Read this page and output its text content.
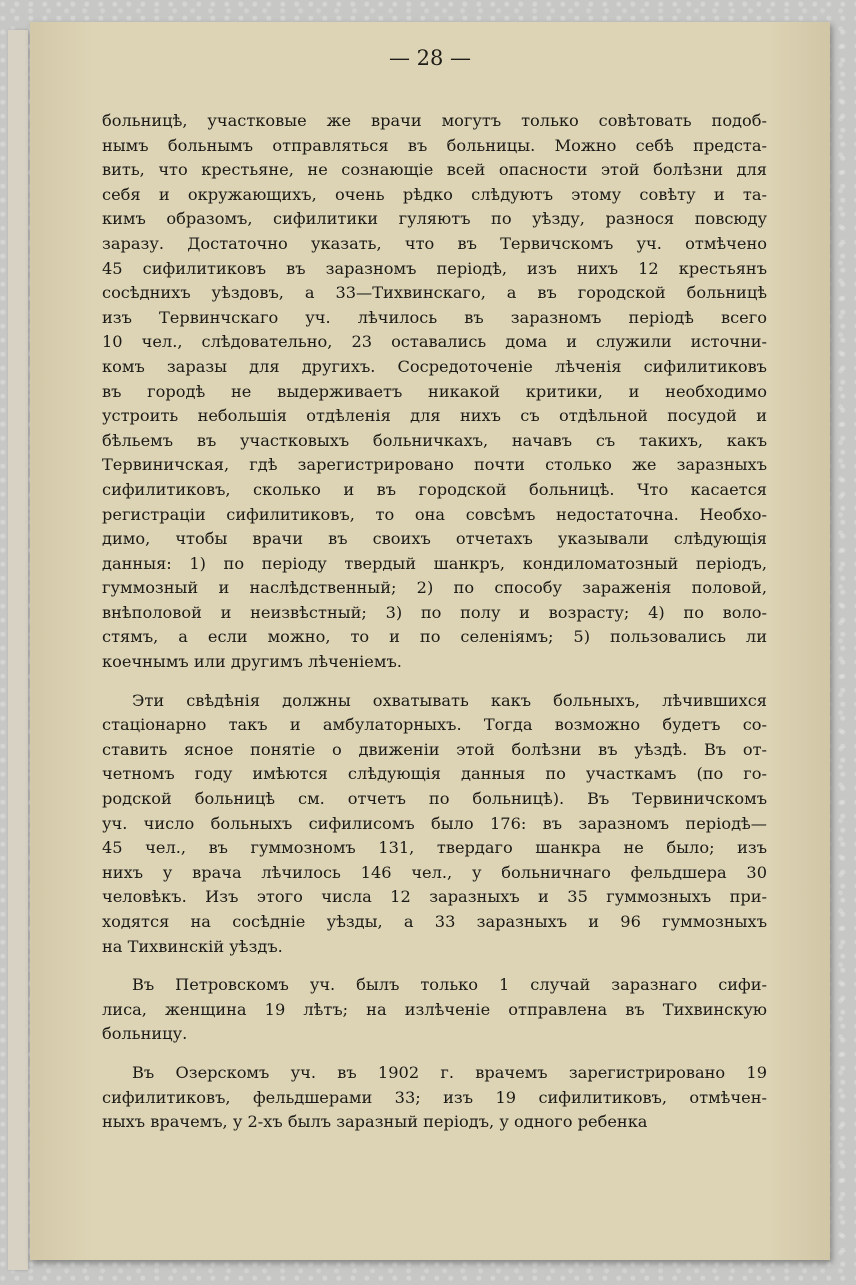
— 28 —
больницѣ, участковые же врачи могутъ только совѣтовать подоб-
нымъ больнымъ отправляться въ больницы. Можно себѣ предста-
вить, что крестьяне, не сознающіе всей опасности этой болѣзни для
себя и окружающихъ, очень рѣдко слѣдуютъ этому совѣту и та-
кимъ образомъ, сифилитики гуляютъ по уѣзду, разнося повсюду
заразу. Достаточно указать, что въ Тервичскомъ уч. отмѣчено
45 сифилитиковъ въ заразномъ періодѣ, изъ нихъ 12 крестьянъ
сосѣднихъ уѣздовъ, а 33—Тихвинскаго, а въ городской больницѣ
изъ Тервинчскаго уч. лѣчилось въ заразномъ періодѣ всего
10 чел., слѣдовательно, 23 оставались дома и служили источни-
комъ заразы для другихъ. Сосредоточеніе лѣченія сифилитиковъ
въ городѣ не выдерживаетъ никакой критики, и необходимо
устроить небольшія отдѣленія для нихъ съ отдѣльной посудой и
бѣльемъ въ участковыхъ больничкахъ, начавъ съ такихъ, какъ
Тервиничская, гдѣ зарегистрировано почти столько же заразныхъ
сифилитиковъ, сколько и въ городской больницѣ. Что касается
регистраціи сифилитиковъ, то она совсѣмъ недостаточна. Необхо-
димо, чтобы врачи въ своихъ отчетахъ указывали слѣдующія
данныя: 1) по періоду твердый шанкръ, кондиломатозный періодъ,
гуммозный и наслѣдственный; 2) по способу зараженія половой,
внѣполовой и неизвѣстный; 3) по полу и возрасту; 4) по воло-
стямъ, а если можно, то и по селеніямъ; 5) пользовались ли
коечнымъ или другимъ лѣченіемъ.
Эти свѣдѣнія должны охватывать какъ больныхъ, лѣчившихся
стаціонарно такъ и амбулаторныхъ. Тогда возможно будетъ со-
ставить ясное понятіе о движеніи этой болѣзни въ уѣздѣ. Въ от-
четномъ году имѣются слѣдующія данныя по участкамъ (по го-
родской больницѣ см. отчетъ по больницѣ). Въ Тервиничскомъ
уч. число больныхъ сифилисомъ было 176: въ заразномъ періодѣ—
45 чел., въ гуммозномъ 131, твердаго шанкра не было; изъ
нихъ у врача лѣчилось 146 чел., у больничнаго фельдшера 30
человѣкъ. Изъ этого числа 12 заразныхъ и 35 гуммозныхъ при-
ходятся на сосѣдніе уѣзды, а 33 заразныхъ и 96 гуммозныхъ
на Тихвинскій уѣздъ.
Въ Петровскомъ уч. былъ только 1 случай заразнаго сифи-
лиса, женщина 19 лѣтъ; на излѣченіе отправлена въ Тихвинскую
больницу.
Въ Озерскомъ уч. въ 1902 г. врачемъ зарегистрировано 19
сифилитиковъ, фельдшерами 33; изъ 19 сифилитиковъ, отмѣчен-
ныхъ врачемъ, у 2-хъ былъ заразный періодъ, у одного ребенка
